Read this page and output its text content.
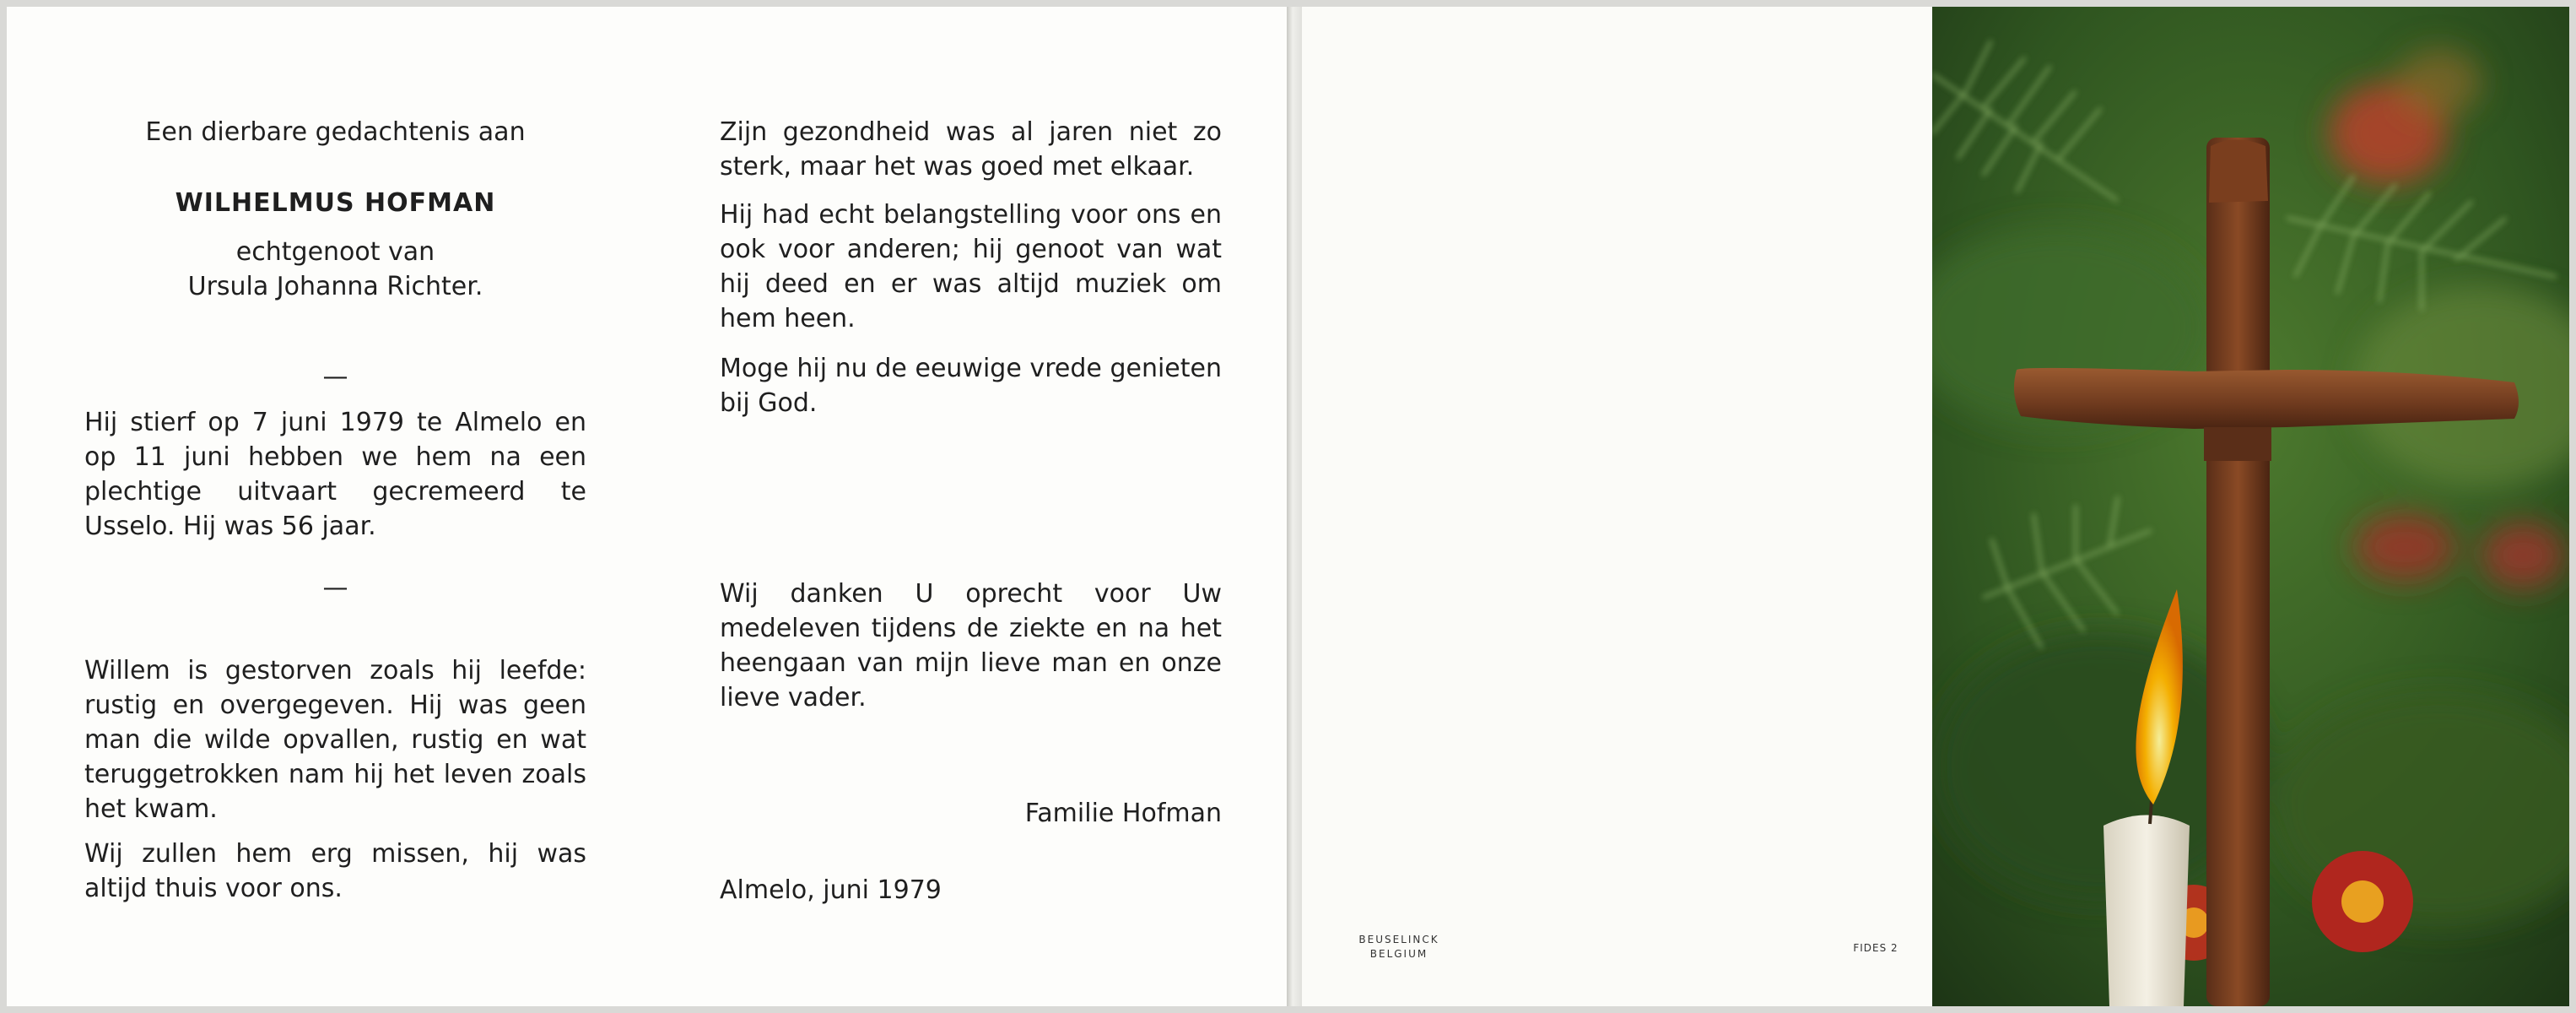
Een dierbare gedachtenis aan

WILHELMUS HOFMAN

echtgenoot van

Ursula Johanna Richter.

—

Hij stierf op 7 juni 1979 te Almelo en op 11 juni hebben we hem na een plechtige uitvaart gecremeerd te Usselo. Hij was 56 jaar.

—

Willem is gestorven zoals hij leefde: rustig en overgegeven. Hij was geen man die wilde opvallen, rustig en wat teruggetrokken nam hij het leven zoals het kwam.

Wij zullen hem erg missen, hij was altijd thuis voor ons.

Zijn gezondheid was al jaren niet zo sterk, maar het was goed met elkaar.

Hij had echt belangstelling voor ons en ook voor anderen; hij genoot van wat hij deed en er was altijd muziek om hem heen.

Moge hij nu de eeuwige vrede genieten bij God.

Wij danken U oprecht voor Uw medeleven tijdens de ziekte en na het heengaan van mijn lieve man en onze lieve vader.

Familie Hofman

Almelo, juni 1979

BEUSELINCK
BELGIUM	FIDES 2
